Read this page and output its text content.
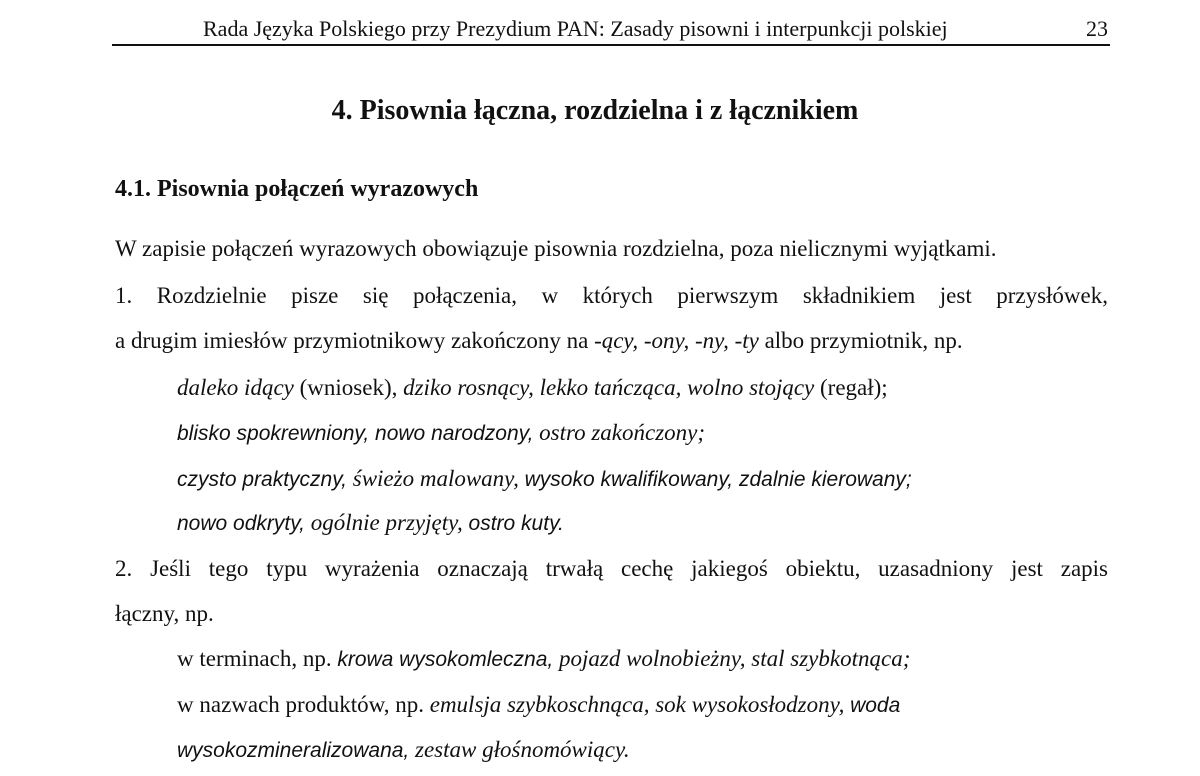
Rada Języka Polskiego przy Prezydium PAN: Zasady pisowni i interpunkcji polskiej	23
4. Pisownia łączna, rozdzielna i z łącznikiem
4.1. Pisownia połączeń wyrazowych
W zapisie połączeń wyrazowych obowiązuje pisownia rozdzielna, poza nielicznymi wyjątkami.
1. Rozdzielnie pisze się połączenia, w których pierwszym składnikiem jest przysłówek,
a drugim imiesłów przymiotnikowy zakończony na -ący, -ony, -ny, -ty albo przymiotnik, np.
daleko idący (wniosek), dziko rosnący, lekko tańcząca, wolno stojący (regał);
blisko spokrewniony, nowo narodzony, ostro zakończony;
czysto praktyczny, świeżo malowany, wysoko kwalifikowany, zdalnie kierowany;
nowo odkryty, ogólnie przyjęty, ostro kuty.
2. Jeśli tego typu wyrażenia oznaczają trwałą cechę jakiegoś obiektu, uzasadniony jest zapis
łączny, np.
w terminach, np. krowa wysokomleczna, pojazd wolnobieżny, stal szybkotnąca;
w nazwach produktów, np. emulsja szybkoschnąca, sok wysokosłodzony, woda
wysokozmineralizowana, zestaw głośnomówiący.
